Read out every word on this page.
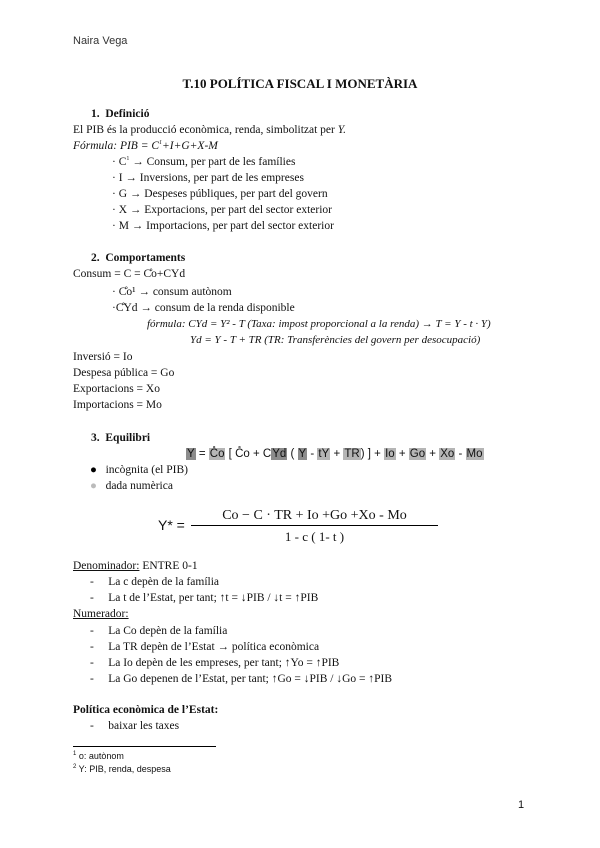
Naira Vega
T.10 POLÍTICA FISCAL I MONETÀRIA
1. Definició
El PIB és la producció econòmica, renda, simbolitzat per Y.
Fórmula: PIB = $C^1+I+G+X-M$
· $C^1$ → Consum, per part de les famílies
· I → Inversions, per part de les empreses
· G → Despeses públiques, per part del govern
· X → Exportacions, per part del sector exterior
· M → Importacions, per part del sector exterior
2. Comportaments
Consum = C = C̊o+CYd
· C̊o¹ → consum autònom
·C̊Yd → consum de la renda disponible
fórmula: CYd = Y² - T (Taxa: impost proporcional a la renda) → T = Y - t · Y)
Yd = Y - T + TR (TR: Transferències del govern per desocupació)
Inversió = Io
Despesa pública = Go
Exportacions = Xo
Importacions = Mo
3. Equilibri
Y = C̊o [ C̊o + CYd ( Y - tY + TR) ] + Io + Go + Xo - Mo
● incògnita (el PIB)
● dada numèrica
Y* =
Co − C · TR + Io +Go +Xo - Mo
1 - c ( 1- t )
Denominador: ENTRE 0-1
-     La c depèn de la família
-     La t de l’Estat, per tant; ↑t = ↓PIB / ↓t = ↑PIB
Numerador:
-     La Co depèn de la família
-     La TR depèn de l’Estat → política econòmica
-     La Io depèn de les empreses, per tant; ↑Yo = ↑PIB
-     La Go depenen de l’Estat, per tant; ↑Go = ↓PIB / ↓Go = ↑PIB
Política econòmica de l’Estat:
-     baixar les taxes
$^1$ o: autònom
$^2$ Y: PIB, renda, despesa
1
